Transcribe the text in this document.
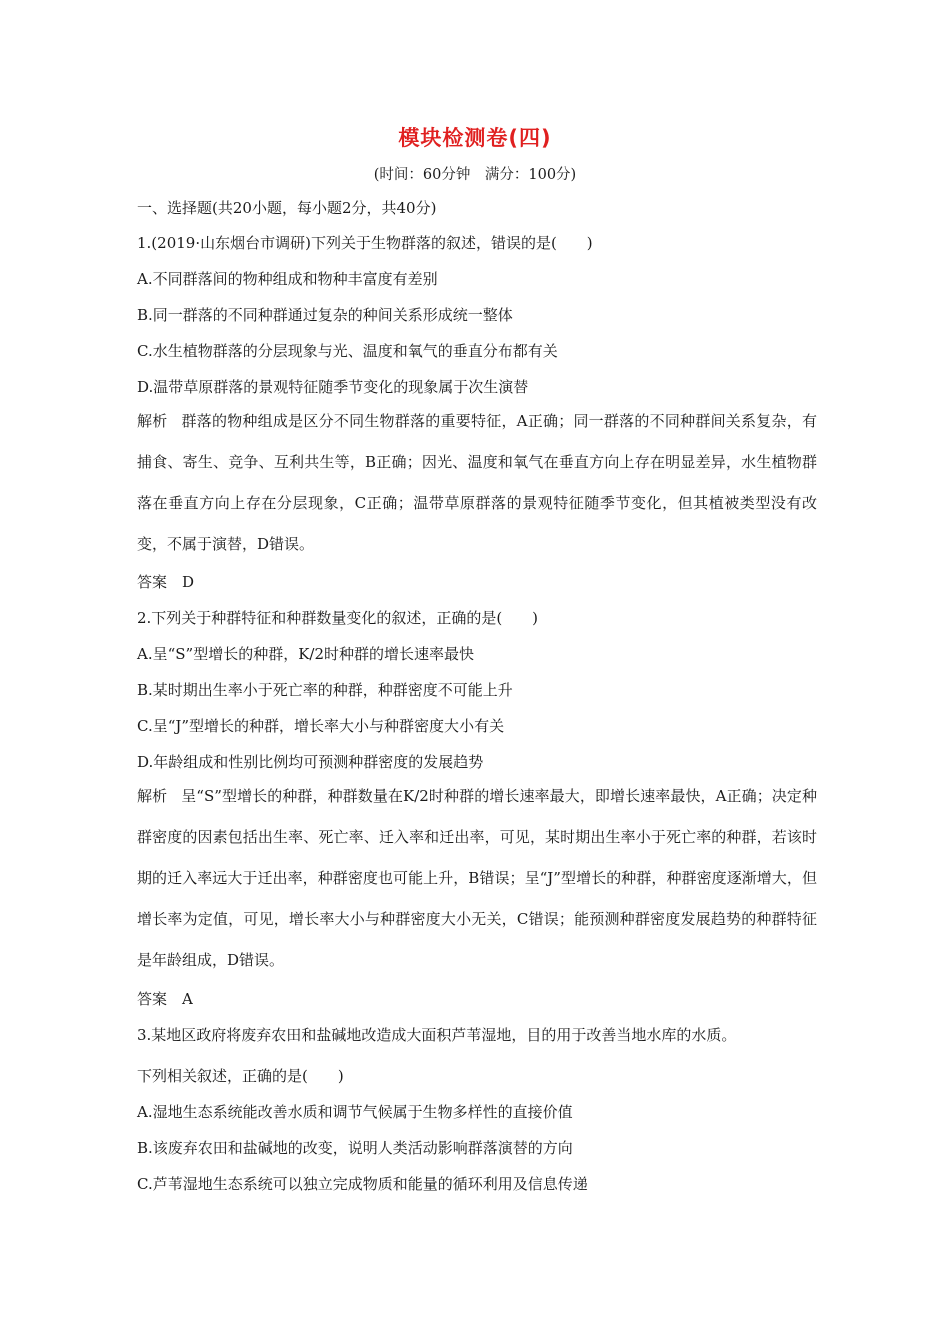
模块检测卷(四)
(时间：60分钟　满分：100分)
一、选择题(共20小题，每小题2分，共40分)
1.(2019·山东烟台市调研)下列关于生物群落的叙述，错误的是(　　)
A.不同群落间的物种组成和物种丰富度有差别
B.同一群落的不同种群通过复杂的种间关系形成统一整体
C.水生植物群落的分层现象与光、温度和氧气的垂直分布都有关
D.温带草原群落的景观特征随季节变化的现象属于次生演替
解析 群落的物种组成是区分不同生物群落的重要特征，A正确；同一群落的不同种群间关系复杂，有捕食、寄生、竞争、互利共生等，B正确；因光、温度和氧气在垂直方向上存在明显差异，水生植物群落在垂直方向上存在分层现象，C正确；温带草原群落的景观特征随季节变化，但其植被类型没有改变，不属于演替，D错误。
答案　D
2.下列关于种群特征和种群数量变化的叙述，正确的是(　　)
A.呈“S”型增长的种群，K/2时种群的增长速率最快
B.某时期出生率小于死亡率的种群，种群密度不可能上升
C.呈“J”型增长的种群，增长率大小与种群密度大小有关
D.年龄组成和性别比例均可预测种群密度的发展趋势
解析 呈“S”型增长的种群，种群数量在K/2时种群的增长速率最大，即增长速率最快，A正确；决定种群密度的因素包括出生率、死亡率、迁入率和迁出率，可见，某时期出生率小于死亡率的种群，若该时期的迁入率远大于迁出率，种群密度也可能上升，B错误；呈“J”型增长的种群，种群密度逐渐增大，但增长率为定值，可见，增长率大小与种群密度大小无关，C错误；能预测种群密度发展趋势的种群特征是年龄组成，D错误。
答案　A
3.某地区政府将废弃农田和盐碱地改造成大面积芦苇湿地，目的用于改善当地水库的水质。
下列相关叙述，正确的是(　　)
A.湿地生态系统能改善水质和调节气候属于生物多样性的直接价值
B.该废弃农田和盐碱地的改变，说明人类活动影响群落演替的方向
C.芦苇湿地生态系统可以独立完成物质和能量的循环利用及信息传递
